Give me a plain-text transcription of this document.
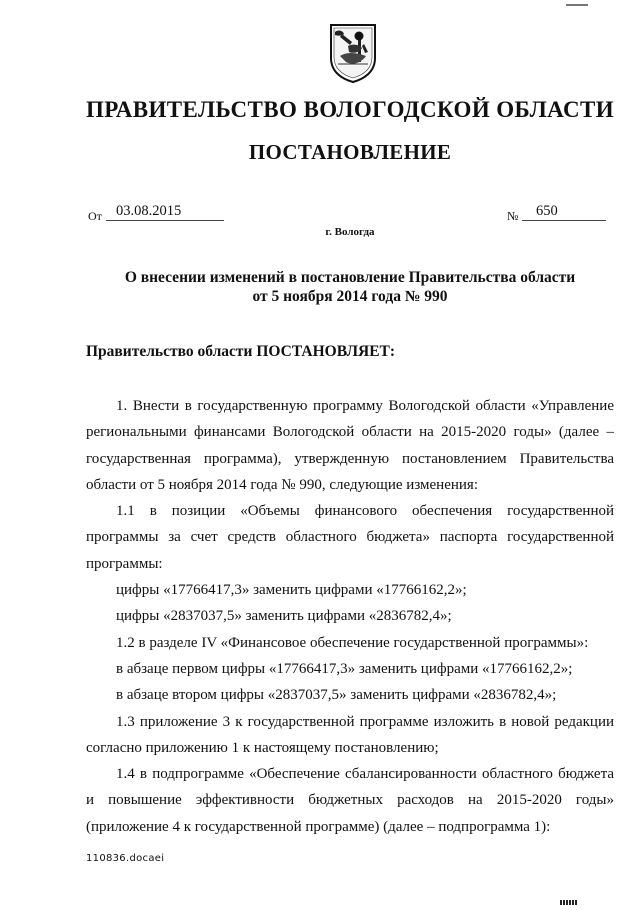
ПРАВИТЕЛЬСТВО ВОЛОГОДСКОЙ ОБЛАСТИ
ПОСТАНОВЛЕНИЕ
От 03.08.2015	№	650
г. Вологда
О внесении изменений в постановление Правительства области
от 5 ноября 2014 года № 990
Правительство области ПОСТАНОВЛЯЕТ:

1. Внести в государственную программу Вологодской области «Управление региональными финансами Вологодской области на 2015-2020 годы» (далее – государственная программа), утвержденную постановлением Правительства области от 5 ноября 2014 года № 990, следующие изменения:

1.1 в позиции «Объемы финансового обеспечения государственной программы за счет средств областного бюджета» паспорта государственной программы:

цифры «17766417,3» заменить цифрами «17766162,2»;

цифры «2837037,5» заменить цифрами «2836782,4»;

1.2 в разделе IV «Финансовое обеспечение государственной программы»:

в абзаце первом цифры «17766417,3» заменить цифрами «17766162,2»;

в абзаце втором цифры «2837037,5» заменить цифрами «2836782,4»;

1.3 приложение 3 к государственной программе изложить в новой редакции согласно приложению 1 к настоящему постановлению;

1.4 в подпрограмме «Обеспечение сбалансированности областного бюджета и повышение эффективности бюджетных расходов на 2015-2020 годы» (приложение 4 к государственной программе) (далее – подпрограмма 1):

110836.docaei
